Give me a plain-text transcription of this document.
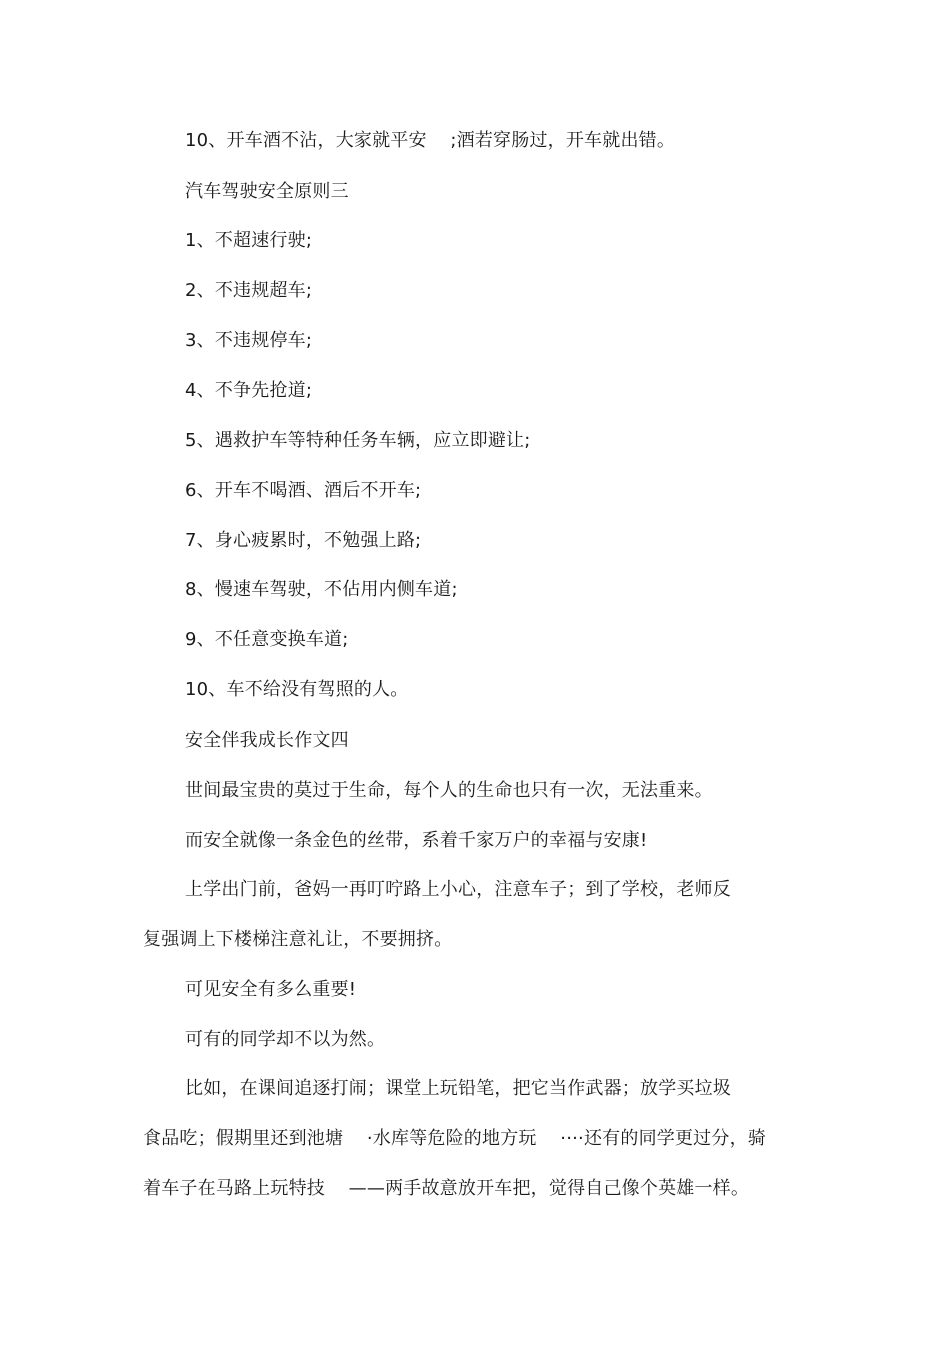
10、开车酒不沾，大家就平安    ;酒若穿肠过，开车就出错。
汽车驾驶安全原则三
1、不超速行驶;
2、不违规超车;
3、不违规停车;
4、不争先抢道;
5、遇救护车等特种任务车辆，应立即避让;
6、开车不喝酒、酒后不开车;
7、身心疲累时，不勉强上路;
8、慢速车驾驶，不佔用内侧车道;
9、不任意变换车道;
10、车不给没有驾照的人。
安全伴我成长作文四
世间最宝贵的莫过于生命，每个人的生命也只有一次，无法重来。
而安全就像一条金色的丝带，系着千家万户的幸福与安康!
上学出门前，爸妈一再叮咛路上小心，注意车子；到了学校，老师反
复强调上下楼梯注意礼让，不要拥挤。
可见安全有多么重要!
可有的同学却不以为然。
比如，在课间追逐打闹；课堂上玩铅笔，把它当作武器；放学买垃圾
食品吃；假期里还到池塘    ·水库等危险的地方玩    ····还有的同学更过分，骑
着车子在马路上玩特技    ——两手故意放开车把，觉得自己像个英雄一样。
